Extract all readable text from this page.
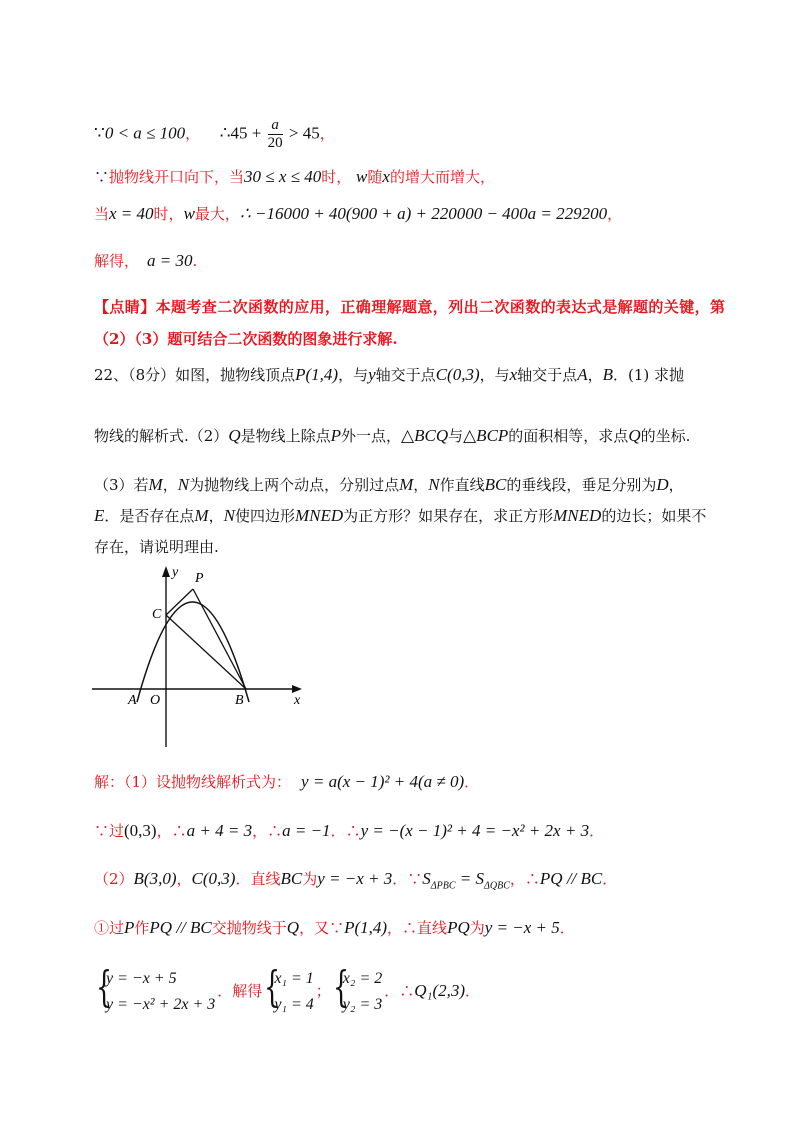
∵0 < a ≤ 100， ∴45 + $\frac{a}{20} > 45$，
∵抛物线开口向下，当30 ≤ x ≤ 40时， w随x的增大而增大，
当x = 40时，w最大，∴ −16000 + 40(900 + a) + 220000 − 400a = 229200，
解得， a = 30.
【点睛】本题考查二次函数的应用，正确理解题意，列出二次函数的表达式是解题的关键，第
（2）（3）题可结合二次函数的图象进行求解.
22、（8分）如图，抛物线顶点P(1,4)，与y轴交于点C(0,3)，与x轴交于点A，B．(1) 求抛
物线的解析式.（2）Q是物线上除点P外一点，△BCQ与△BCP的面积相等，求点Q的坐标.
（3）若M，N为抛物线上两个动点，分别过点M，N作直线BC的垂线段，垂足分别为D，
E．是否存在点M，N使四边形MNED为正方形？如果存在，求正方形MNED的边长；如果不
存在，请说明理由.
y
x
P
C
A O	B
解：（1）设抛物线解析式为： y = a(x − 1)² + 4(a ≠ 0)．
∵过(0,3)，∴a + 4 = 3，∴a = −1．∴y = −(x − 1)² + 4 = −x² + 2x + 3．
（2）B(3,0)，C(0,3)．直线BC为y = −x + 3．$\because S_{\Delta PBC} = S_{\Delta QBC}$，∴PQ // BC．
①过P作PQ // BC交抛物线于Q，又∵P(1,4)，∴直线PQ为y = −x + 5．
{
y = −x + 5
y = −x² + 2x + 3
．解得 {
x₁ = 1
y₁ = 4
； {
x₂ = 2
y₂ = 3
．∴Q₁(2,3)．
